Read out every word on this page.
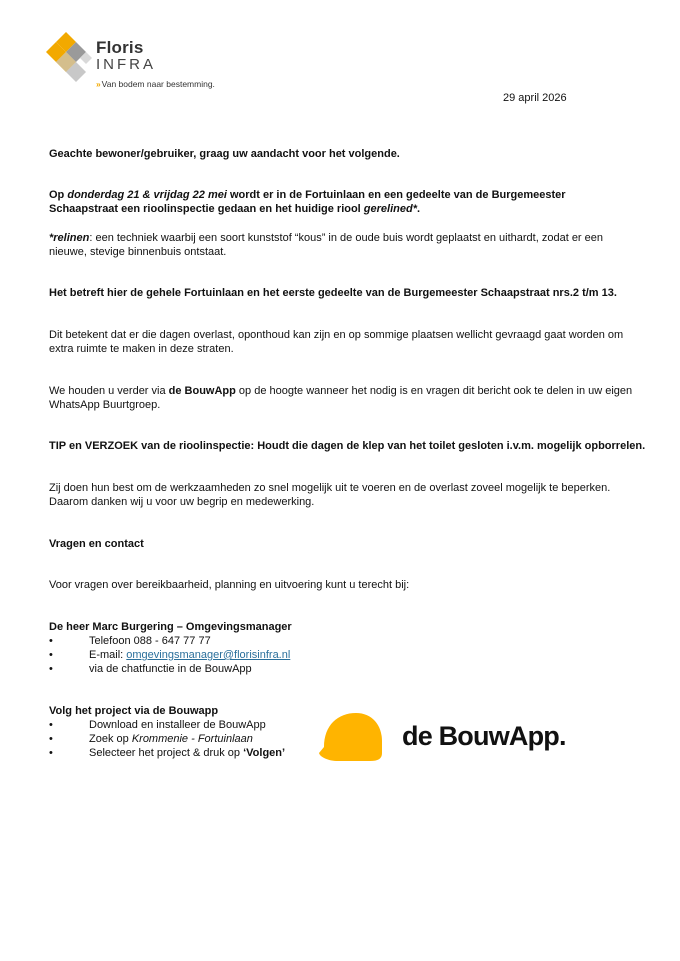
Floris
INFRA
›› Van bodem naar bestemming.
29 april 2026

Geachte bewoner/gebruiker, graag uw aandacht voor het volgende.

Op donderdag 21 & vrijdag 22 mei wordt er in de Fortuinlaan en een gedeelte van de Burgemeester Schaapstraat een rioolinspectie gedaan en het huidige riool gerelined*.

*relinen: een techniek waarbij een soort kunststof “kous” in de oude buis wordt geplaatst en uithardt, zodat er een nieuwe, stevige binnenbuis ontstaat.

Het betreft hier de gehele Fortuinlaan en het eerste gedeelte van de Burgemeester Schaapstraat nrs.2 t/m 13.

Dit betekent dat er die dagen overlast, oponthoud kan zijn en op sommige plaatsen wellicht gevraagd gaat worden om extra ruimte te maken in deze straten.

We houden u verder via de BouwApp op de hoogte wanneer het nodig is en vragen dit bericht ook te delen in uw eigen WhatsApp Buurtgroep.

TIP en VERZOEK van de rioolinspectie: Houdt die dagen de klep van het toilet gesloten i.v.m. mogelijk opborrelen.

Zij doen hun best om de werkzaamheden zo snel mogelijk uit te voeren en de overlast zoveel mogelijk te beperken. Daarom danken wij u voor uw begrip en medewerking.

Vragen en contact

Voor vragen over bereikbaarheid, planning en uitvoering kunt u terecht bij:

De heer Marc Burgering – Omgevingsmanager

•	Telefoon 088 - 647 77 77
•	E-mail: omgevingsmanager@florisinfra.nl
•	via de chatfunctie in de BouwApp

Volg het project via de Bouwapp

•	Download en installeer de BouwApp
•	Zoek op Krommenie - Fortuinlaan
•	Selecteer het project & druk op ‘Volgen’
de BouwApp.
